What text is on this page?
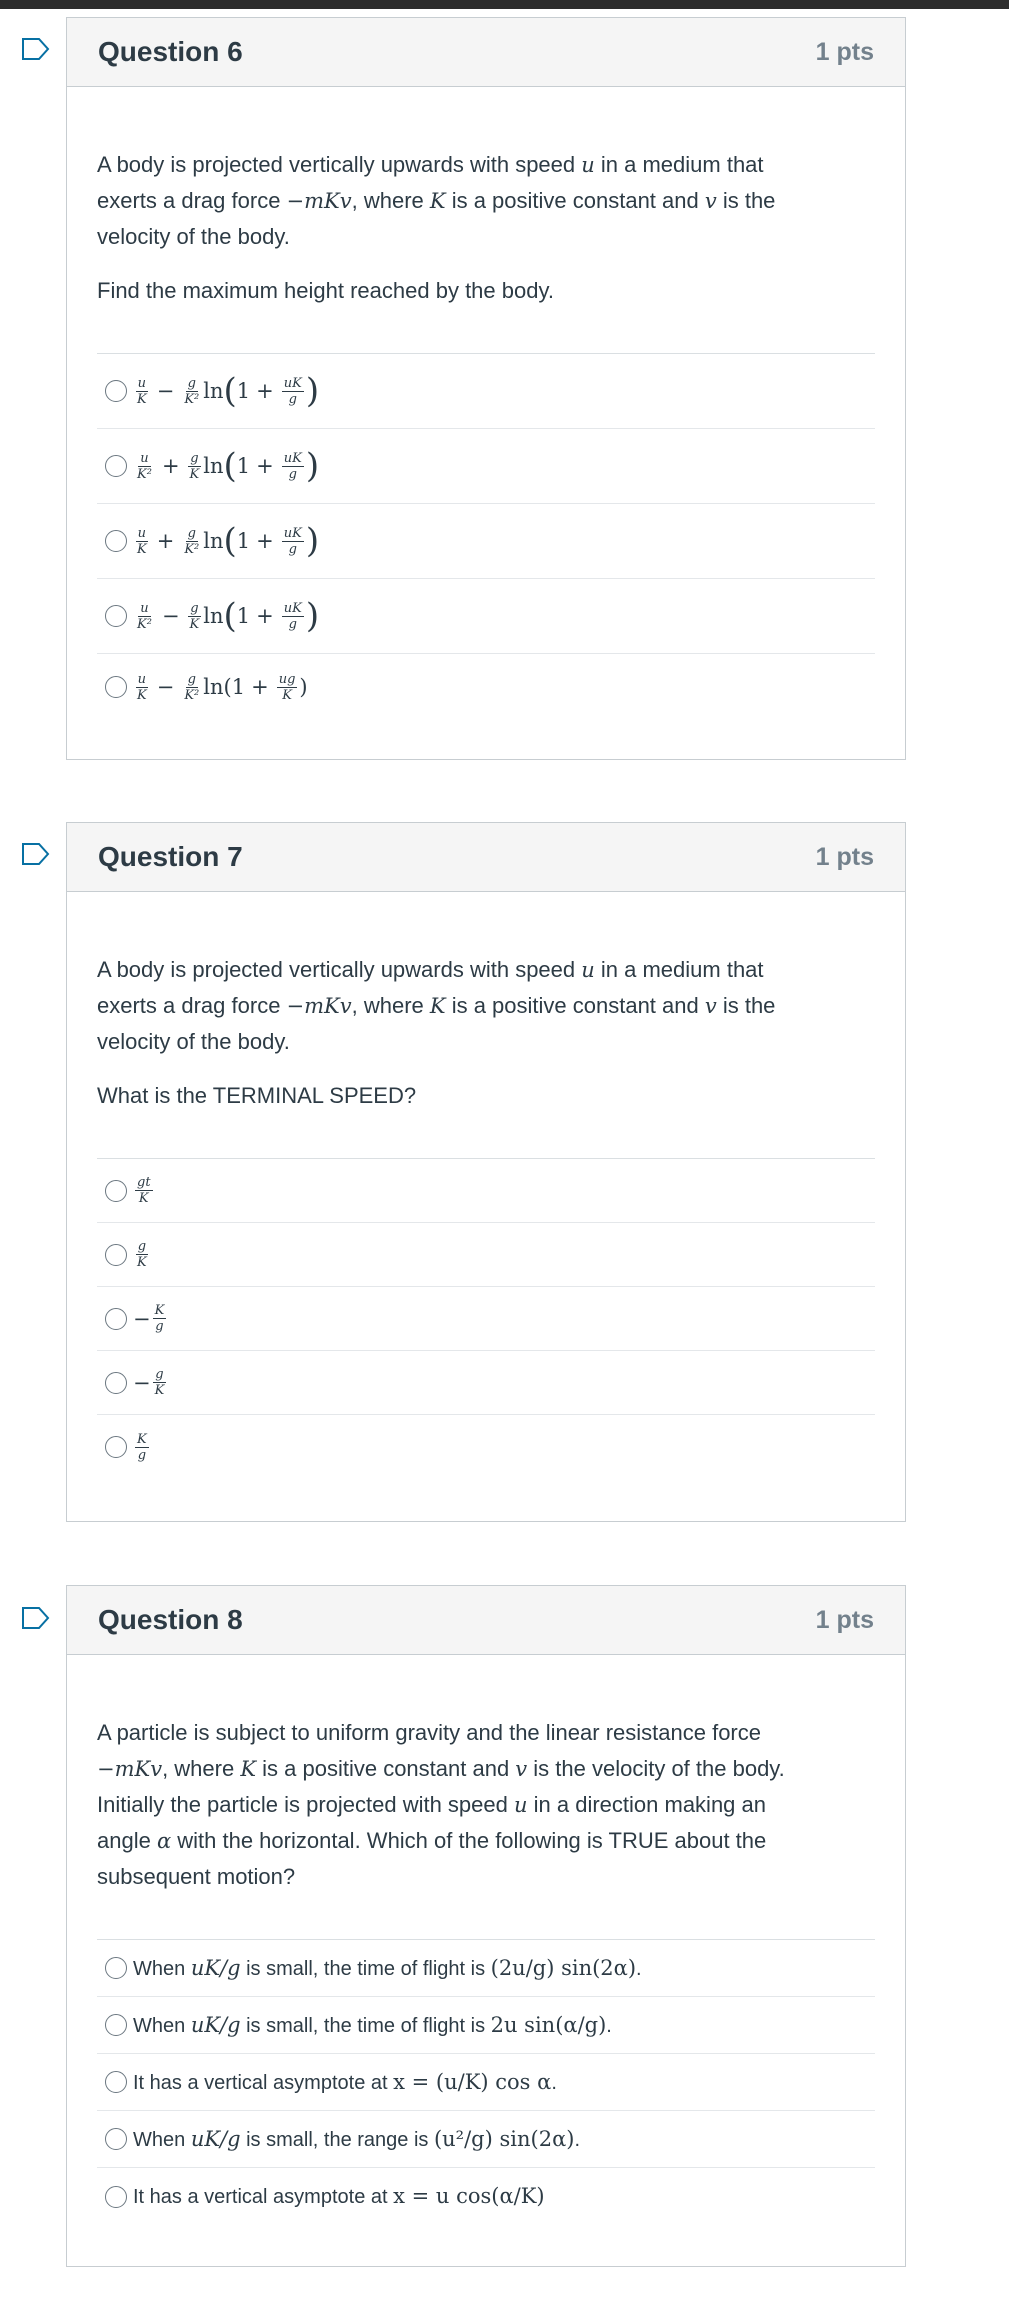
Question 6	1 pts

A body is projected vertically upwards with speed u in a medium that

exerts a drag force −mKv, where K is a positive constant and v is the

velocity of the body.

Find the maximum height reached by the body.

$\frac{u}{K} - \frac{g}{\text{K²}}$ ln ( $1 + \frac{uK}{g}$ )
$\frac{u}{\text{K²}} + \frac{g}{K}$ ln ( $1 + \frac{uK}{g}$ )
$\frac{u}{K} + \frac{g}{\text{K²}}$ ln ( $1 + \frac{uK}{g}$ )
$\frac{u}{\text{K²}} - \frac{g}{K}$ ln ( $1 + \frac{uK}{g}$ )
$\frac{u}{K} - \frac{g}{\text{K²}}$ ln ( $1 + \frac{ug}{K}$ )
Question 7	1 pts

A body is projected vertically upwards with speed u in a medium that

exerts a drag force −mKv, where K is a positive constant and v is the

velocity of the body.

What is the TERMINAL SPEED?

$\frac{gt}{K}$
$\frac{g}{K}$
− $\frac{K}{g}$
− $\frac{g}{K}$
$\frac{K}{g}$
Question 8	1 pts

A particle is subject to uniform gravity and the linear resistance force

−mKv, where K is a positive constant and v is the velocity of the body.

Initially the particle is projected with speed u in a direction making an

angle α with the horizontal. Which of the following is TRUE about the

subsequent motion?

When uK/g is small, the time of flight is (2u/g) sin(2α).
When uK/g is small, the time of flight is 2u sin(α/g).
It has a vertical asymptote at x = (u/K) cos α.
When uK/g is small, the range is (u²/g) sin(2α).
It has a vertical asymptote at x = u cos(α/K)
